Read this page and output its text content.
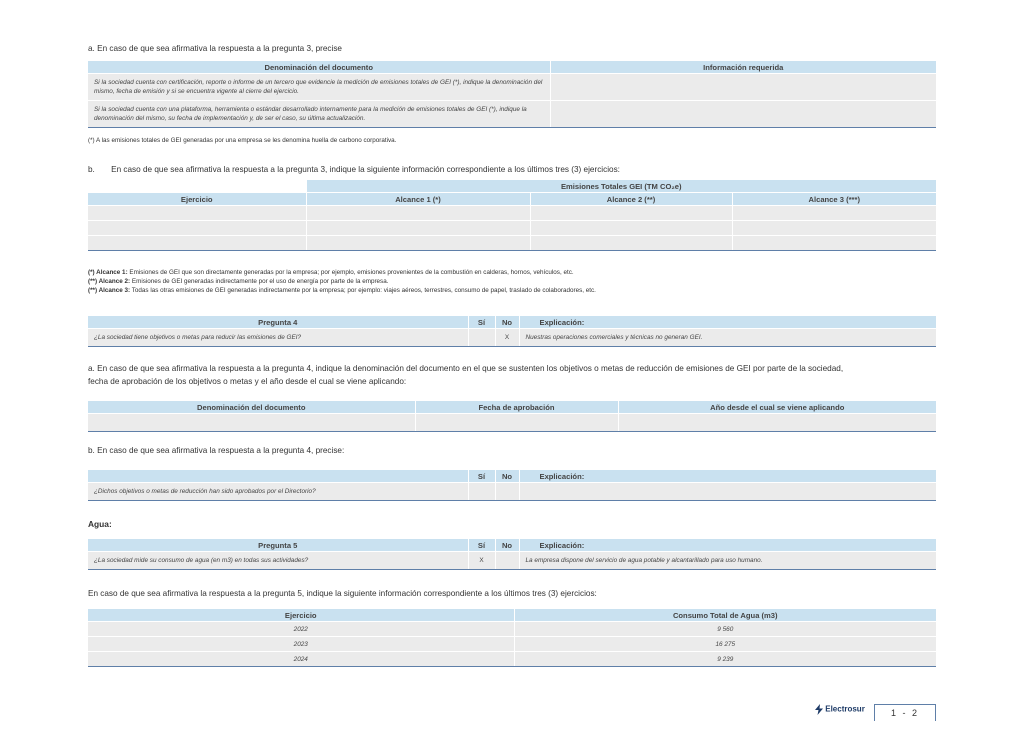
a. En caso de que sea afirmativa la respuesta a la pregunta 3, precise
Denominación del documento	Información requerida
Si la sociedad cuenta con certificación, reporte o informe de un tercero que evidencie la medición de emisiones totales de GEI (*), indique la denominación del mismo, fecha de emisión y si se encuentra vigente al cierre del ejercicio.	
Si la sociedad cuenta con una plataforma, herramienta o estándar desarrollado internamente para la medición de emisiones totales de GEI (*), indique la denominación del mismo, su fecha de implementación y, de ser el caso, su última actualización.	
(*) A las emisiones totales de GEI generadas por una empresa se les denomina huella de carbono corporativa.
b. En caso de que sea afirmativa la respuesta a la pregunta 3, indique la siguiente información correspondiente a los últimos tres (3) ejercicios:
	Emisiones Totales GEI (TM CO₂e)		
Ejercicio	Alcance 1 (*)	Alcance 2 (**)	Alcance 3 (***)

(*) Alcance 1: Emisiones de GEI que son directamente generadas por la empresa; por ejemplo, emisiones provenientes de la combustión en calderas, hornos, vehículos, etc.
(**) Alcance 2: Emisiones de GEI generadas indirectamente por el uso de energía por parte de la empresa.
(**) Alcance 3: Todas las otras emisiones de GEI generadas indirectamente por la empresa; por ejemplo: viajes aéreos, terrestres, consumo de papel, traslado de colaboradores, etc.
Pregunta 4	Sí	No	Explicación:
¿La sociedad tiene objetivos o metas para reducir las emisiones de GEI?		X	Nuestras operaciones comerciales y técnicas no generan GEI.
a. En caso de que sea afirmativa la respuesta a la pregunta 4, indique la denominación del documento en el que se sustenten los objetivos o metas de reducción de emisiones de GEI por parte de la sociedad,
fecha de aprobación de los objetivos o metas y el año desde el cual se viene aplicando:
Denominación del documento	Fecha de aprobación	Año desde el cual se viene aplicando

b. En caso de que sea afirmativa la respuesta a la pregunta 4, precise:
	Sí	No	Explicación:
¿Dichos objetivos o metas de reducción han sido aprobados por el Directorio?			
Agua:
Pregunta 5	Sí	No	Explicación:
¿La sociedad mide su consumo de agua (en m3) en todas sus actividades?	X		La empresa dispone del servicio de agua potable y alcantarillado para uso humano.
En caso de que sea afirmativa la respuesta a la pregunta 5, indique la siguiente información correspondiente a los últimos tres (3) ejercicios:
Ejercicio	Consumo Total de Agua (m3)
2022	9 560
2023	16 275
2024	9 239
Electrosur	1 - 2
